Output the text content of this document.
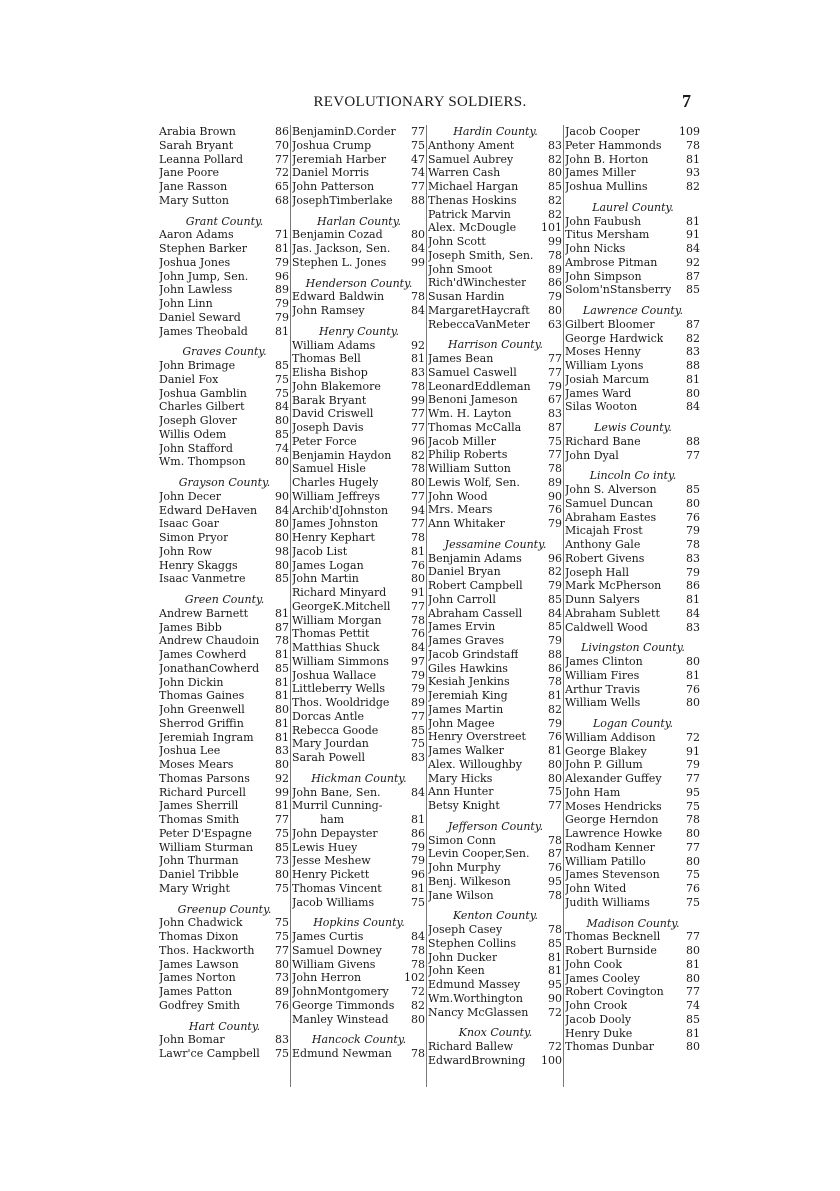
REVOLUTIONARY SOLDIERS.	7
Arabia Brown	86
Sarah Bryant	70
Leanna Pollard	77
Jane Poore	72
Jane Rasson	65
Mary Sutton	68
Grant County.
Aaron Adams	71
Stephen Barker	81
Joshua Jones	79
John Jump, Sen. 96
John Lawless	89
John Linn	79
Daniel Seward	79
James Theobald 81
Graves County.
John Brimage	85
Daniel Fox	75
Joshua Gamblin	75
Charles Gilbert	84
Joseph Glover	80
Willis Odem	85
John Stafford	74
Wm. Thompson	80
Grayson County.
John Decer	90
Edward DeHaven 84
Isaac Goar	80
Simon Pryor	80
John Row	98
Henry Skaggs	80
Isaac Vanmetre	85
Green County.
Andrew Barnett 81
James Bibb	87
Andrew Chaudoin 78
James Cowherd	81
JonathanCowherd 85
John Dickin	81
Thomas Gaines	81
John Greenwell	80
Sherrod Griffin	81
Jeremiah Ingram 81
Joshua Lee	83
Moses Mears	80
Thomas Parsons 92
Richard Purcell	99
James Sherrill	81
Thomas Smith	77
Peter D'Espagne 75
William Sturman 85
John Thurman	73
Daniel Tribble	80
Mary Wright	75
Greenup County.
John Chadwick	75
Thomas Dixon	75
Thos. Hackworth 77
James Lawson	80
James Norton	73
James Patton	89
Godfrey Smith	76
Hart County.
John Bomar	83
Lawr'ce Campbell 75
BenjaminD.Corder 77
Joshua Crump	75
Jeremiah Harber 47
Daniel Morris	74
John Patterson	77
JosephTimberlake 88
Harlan County.
Benjamin Cozad	80
Jas. Jackson, Sen. 84
Stephen L. Jones 99
Henderson County.
Edward Baldwin 78
John Ramsey	84
Henry County.
William Adams	92
Thomas Bell	81
Elisha Bishop	83
John Blakemore	78
Barak Bryant	99
David Criswell	77
Joseph Davis	77
Peter Force	96
Benjamin Haydon 82
Samuel Hisle	78
Charles Hugely	80
William Jeffreys	77
Archib'dJohnston 94
James Johnston	77
Henry Kephart	78
Jacob List	81
James Logan	76
John Martin	80
Richard Minyard 91
GeorgeK.Mitchell 77
William Morgan	78
Thomas Pettit	76
Matthias Shuck	84
William Simmons 97
Joshua Wallace	79
Littleberry Wells 79
Thos. Wooldridge 89
Dorcas Antle	77
Rebecca Goode	85
Mary Jourdan	75
Sarah Powell	83
Hickman County.
John Bane, Sen.	84
Murril Cunning-
ham	81
John Depayster	86
Lewis Huey	79
Jesse Meshew	79
Henry Pickett	96
Thomas Vincent	81
Jacob Williams	75
Hopkins County.
James Curtis	84
Samuel Downey	78
William Givens	78
John Herron	102
JohnMontgomery 72
George Timmonds 82
Manley Winstead 80
Hancock County.
Edmund Newman 78
Hardin County.
Anthony Ament	83
Samuel Aubrey	82
Warren Cash	80
Michael Hargan	85
Thenas Hoskins	82
Patrick Marvin	82
Alex. McDougle 101
John Scott	99
Joseph Smith, Sen. 78
John Smoot	89
Rich'dWinchester 86
Susan Hardin	79
MargaretHaycraft 80
RebeccaVanMeter 63
Harrison County.
James Bean	77
Samuel Caswell	77
LeonardEddleman 79
Benoni Jameson	67
Wm. H. Layton	83
Thomas McCalla 87
Jacob Miller	75
Philip Roberts	77
William Sutton	78
Lewis Wolf, Sen.	89
John Wood	90
Mrs. Mears	76
Ann Whitaker	79
Jessamine County.
Benjamin Adams 96
Daniel Bryan	82
Robert Campbell 79
John Carroll	85
Abraham Cassell 84
James Ervin	85
James Graves	79
Jacob Grindstaff	88
Giles Hawkins	86
Kesiah Jenkins	78
Jeremiah King	81
James Martin	82
John Magee	79
Henry Overstreet 76
James Walker	81
Alex. Willoughby 80
Mary Hicks	80
Ann Hunter	75
Betsy Knight	77
Jefferson County.
Simon Conn	78
Levin Cooper,Sen. 87
John Murphy	76
Benj. Wilkeson	95
Jane Wilson	78
Kenton County.
Joseph Casey	78
Stephen Collins	85
John Ducker	81
John Keen	81
Edmund Massey	95
Wm.Worthington 90
Nancy McGlassen 72
Knox County.
Richard Ballew	72
EdwardBrowning 100
Jacob Cooper	109
Peter Hammonds 78
John B. Horton	81
James Miller	93
Joshua Mullins	82
Laurel County.
John Faubush	81
Titus Mersham	91
John Nicks	84
Ambrose Pitman	92
John Simpson	87
Solom'nStansberry 85
Lawrence County.
Gilbert Bloomer	87
George Hardwick 82
Moses Henny	83
William Lyons	88
Josiah Marcum	81
James Ward	80
Silas Wooton	84
Lewis County.
Richard Bane	88
John Dyal	77
Lincoln Co inty.
John S. Alverson	85
Samuel Duncan	80
Abraham Eastes	76
Micajah Frost	79
Anthony Gale	78
Robert Givens	83
Joseph Hall	79
Mark McPherson 86
Dunn Salyers	81
Abraham Sublett 84
Caldwell Wood	83
Livingston County.
James Clinton	80
William Fires	81
Arthur Travis	76
William Wells	80
Logan County.
William Addison	72
George Blakey	91
John P. Gillum	79
Alexander Guffey 77
John Ham	95
Moses Hendricks 75
George Herndon	78
Lawrence Howke 80
Rodham Kenner	77
William Patillo	80
James Stevenson 75
John Wited	76
Judith Williams	75
Madison County.
Thomas Becknell 77
Robert Burnside	80
John Cook	81
James Cooley	80
Robert Covington 77
John Crook	74
Jacob Dooly	85
Henry Duke	81
Thomas Dunbar	80
